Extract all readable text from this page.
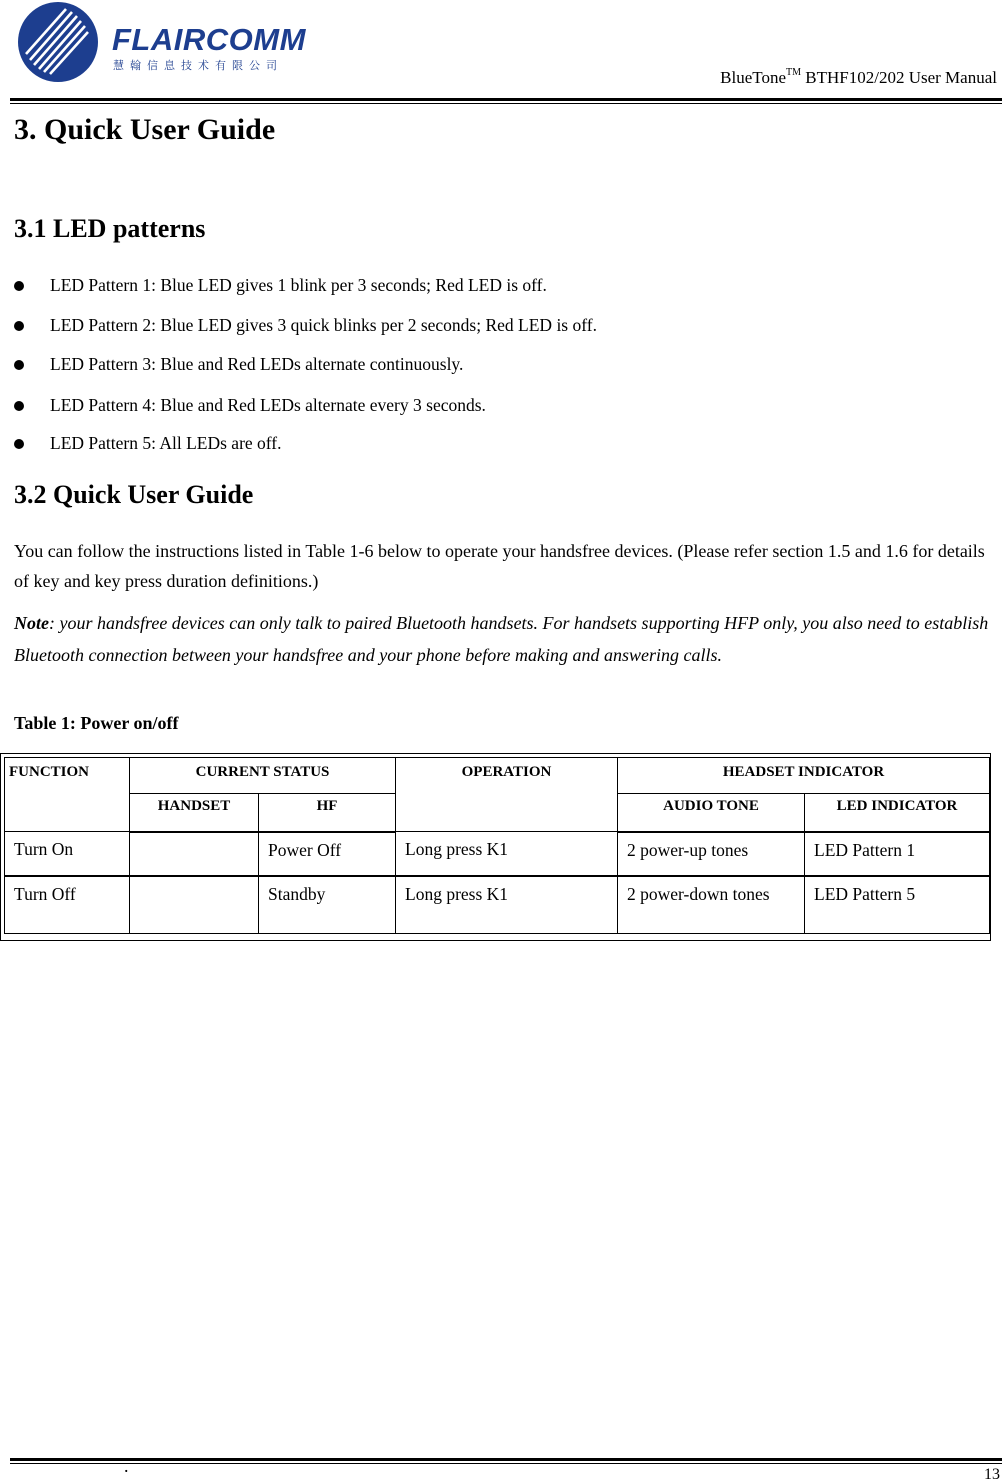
FLAIRCOMM
慧翰信息技术有限公司
BlueTone™ BTHF102/202 User Manual
3. Quick User Guide
3.1 LED patterns
LED Pattern 1: Blue LED gives 1 blink per 3 seconds; Red LED is off.
LED Pattern 2: Blue LED gives 3 quick blinks per 2 seconds; Red LED is off.
LED Pattern 3: Blue and Red LEDs alternate continuously.
LED Pattern 4: Blue and Red LEDs alternate every 3 seconds.
LED Pattern 5: All LEDs are off.
3.2 Quick User Guide
You can follow the instructions listed in Table 1-6 below to operate your handsfree devices. (Please refer section 1.5 and 1.6 for details of key and key press duration definitions.)
Note: your handsfree devices can only talk to paired Bluetooth handsets. For handsets supporting HFP only, you also need to establish Bluetooth connection between your handsfree and your phone before making and answering calls.
Table 1: Power on/off
FUNCTION	CURRENT STATUS		OPERATION	HEADSET INDICATOR	
	HANDSET	HF		AUDIO TONE	LED INDICATOR
Turn On		Power Off	Long press K1	2 power-up tones	LED Pattern 1
Turn Off		Standby	Long press K1	2 power-down tones	LED Pattern 5
.	13
